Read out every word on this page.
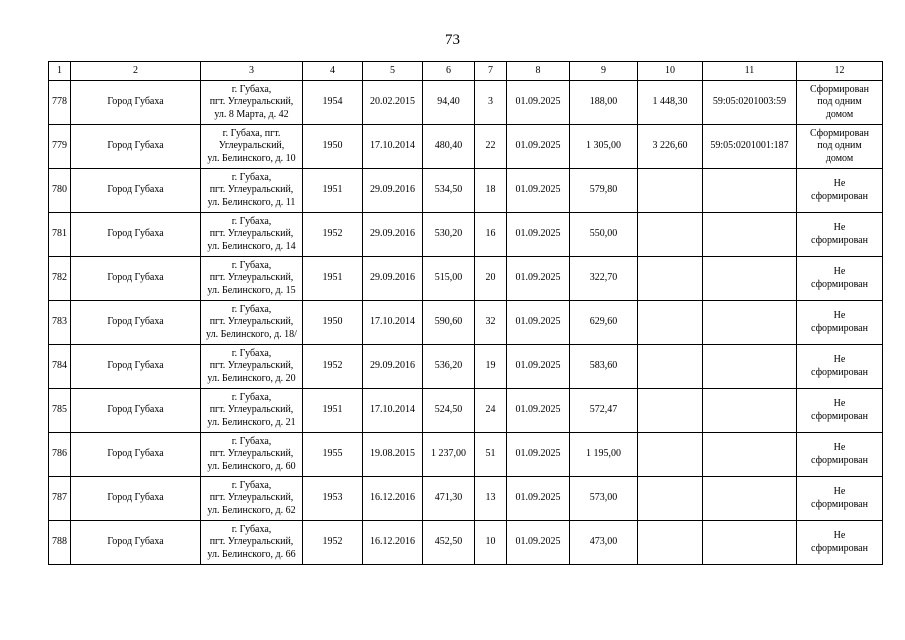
73
1	2	3	4	5	6	7	8	9	10	11	12
778	Город Губаха	г. Губаха,
пгт. Углеуральский,
ул. 8 Марта, д. 42	1954	20.02.2015	94,40	3	01.09.2025	188,00	1 448,30	59:05:0201003:59	Сформирован
под одним
домом

779	Город Губаха	г. Губаха, пгт.
Углеуральский,
ул. Белинского, д. 10	1950	17.10.2014	480,40	22	01.09.2025	1 305,00	3 226,60	59:05:0201001:187	Сформирован
под одним
домом

780	Город Губаха	г. Губаха,
пгт. Углеуральский,
ул. Белинского, д. 11	1951	29.09.2016	534,50	18	01.09.2025	579,80			Не
сформирован

781	Город Губаха	г. Губаха,
пгт. Углеуральский,
ул. Белинского, д. 14	1952	29.09.2016	530,20	16	01.09.2025	550,00			Не
сформирован

782	Город Губаха	г. Губаха,
пгт. Углеуральский,
ул. Белинского, д. 15	1951	29.09.2016	515,00	20	01.09.2025	322,70			Не
сформирован

783	Город Губаха	г. Губаха,
пгт. Углеуральский,
ул. Белинского, д. 18/	1950	17.10.2014	590,60	32	01.09.2025	629,60			Не
сформирован

784	Город Губаха	г. Губаха,
пгт. Углеуральский,
ул. Белинского, д. 20	1952	29.09.2016	536,20	19	01.09.2025	583,60			Не
сформирован

785	Город Губаха	г. Губаха,
пгт. Углеуральский,
ул. Белинского, д. 21	1951	17.10.2014	524,50	24	01.09.2025	572,47			Не
сформирован

786	Город Губаха	г. Губаха,
пгт. Углеуральский,
ул. Белинского, д. 60	1955	19.08.2015	1 237,00	51	01.09.2025	1 195,00			Не
сформирован

787	Город Губаха	г. Губаха,
пгт. Углеуральский,
ул. Белинского, д. 62	1953	16.12.2016	471,30	13	01.09.2025	573,00			Не
сформирован

788	Город Губаха	г. Губаха,
пгт. Углеуральский,
ул. Белинского, д. 66	1952	16.12.2016	452,50	10	01.09.2025	473,00			Не
сформирован
